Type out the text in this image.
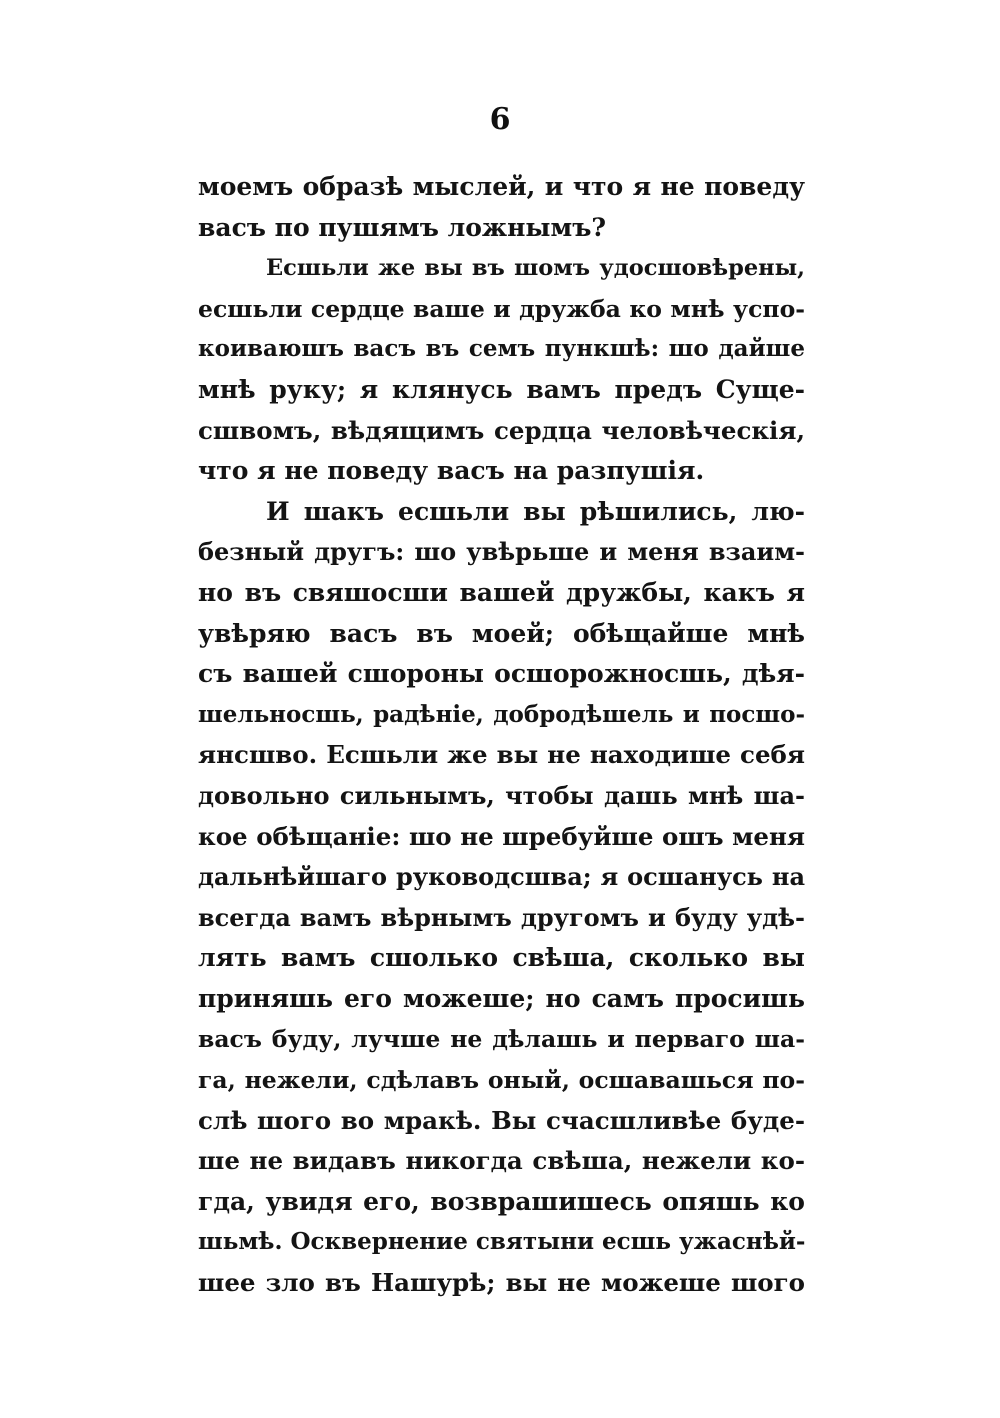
6
моемъ образѣ мыслей, и что я не поведу
васъ по пушямъ ложнымъ?
Есшьли же вы въ шомъ удосшовѣрены,
есшьли сердце ваше и дружба ко мнѣ успо-
коиваюшъ васъ въ семъ пункшѣ: шо дайше
мнѣ руку; я клянусь вамъ предъ Суще-
сшвомъ, вѣдящимъ сердца человѣческія,
что я не поведу васъ на разпушія.
И шакъ есшьли вы рѣшились, лю-
безный другъ: шо увѣрьше и меня взаим-
но въ свяшосши вашей дружбы, какъ я
увѣряю васъ въ моей; обѣщайше мнѣ
съ вашей сшороны осшорожносшь, дѣя-
шельносшь, радѣніе, добродѣшель и посшо-
янсшво. Есшьли же вы не находише себя
довольно сильнымъ, чтобы дашь мнѣ ша-
кое обѣщаніе: шо не шребуйше ошъ меня
дальнѣйшаго руководсшва; я осшанусь на
всегда вамъ вѣрнымъ другомъ и буду удѣ-
лять вамъ сшолько свѣша, сколько вы
приняшь его можеше; но самъ просишь
васъ буду, лучше не дѣлашь и перваго ша-
га, нежели, сдѣлавъ оный, осшавашься по-
слѣ шого во мракѣ. Вы счасшливѣе буде-
ше не видавъ никогда свѣша, нежели ко-
гда, увидя его, возврашишесь опяшь ко
шьмѣ. Осквернение святыни есшь ужаснѣй-
шее зло въ Нашурѣ; вы не можеше шого
